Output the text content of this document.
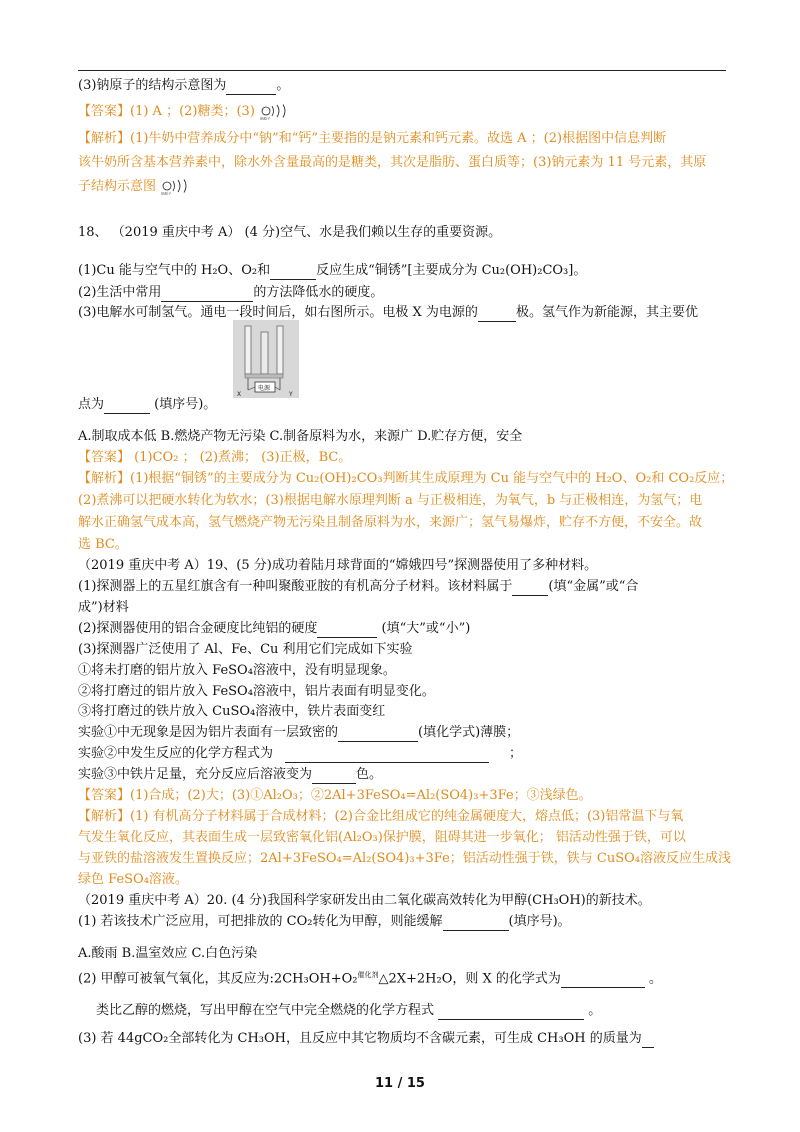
(3)钠原子的结构示意图为	。
【答案】(1) A ；(2)糖类；(3) 钠原子
【解析】(1)牛奶中营养成分中“钠”和“钙”主要指的是钠元素和钙元素。故选 A ；(2)根据图中信息判断
该牛奶所含基本营养素中，除水外含量最高的是糖类，其次是脂肪、蛋白质等；(3)钠元素为 11 号元素，其原
子结构示意图 钠原子
18、 （2019 重庆中考 A） (4 分)空气、水是我们赖以生存的重要资源。
(1)Cu 能与空气中的 H₂O、O₂和	反应生成“铜锈”[主要成分为 Cu₂(OH)₂CO₃]。
(2)生活中常用	的方法降低水的硬度。
(3)电解水可制氢气。通电一段时间后，如右图所示。电极 X 为电源的	极。氢气作为新能源，其主要优
电源
X	Y
点为	(填序号)。
A.制取成本低 B.燃烧产物无污染 C.制备原料为水，来源广 D.贮存方便，安全
【答案】 (1)CO₂ ； (2)煮沸； (3)正极，BC。
【解析】(1)根据“铜锈”的主要成分为 Cu₂(OH)₂CO₃判断其生成原理为 Cu 能与空气中的 H₂O、O₂和 CO₂反应；
(2)煮沸可以把硬水转化为软水；(3)根据电解水原理判断 a 与正极相连，为氧气，b 与正极相连，为氢气；电
解水正确氢气成本高，氢气燃烧产物无污染且制备原料为水，来源广；氢气易爆炸，贮存不方便，不安全。故
选 BC。
（2019 重庆中考 A）19、(5 分)成功着陆月球背面的“嫦娥四号”探测器使用了多种材料。
(1)探测器上的五星红旗含有一种叫聚酸亚胺的有机高分子材料。该材料属于	(填“金属”或“合
成”)材料
(2)探测器使用的铝合金硬度比纯铝的硬度	(填“大”或“小”)
(3)探测器广泛使用了 Al、Fe、Cu 利用它们完成如下实验
①将未打磨的铝片放入 FeSO₄溶液中，没有明显现象。
②将打磨过的铝片放入 FeSO₄溶液中，铝片表面有明显变化。
③将打磨过的铁片放入 CuSO₄溶液中，铁片表面变红
实验①中无现象是因为铝片表面有一层致密的	(填化学式)薄膜；
实验②中发生反应的化学方程式为	；
实验③中铁片足量，充分反应后溶液变为	色。
【答案】(1)合成；(2)大；(3)①Al₂O₃；②2Al+3FeSO₄=Al₂(SO4)₃+3Fe；③浅绿色。
【解析】(1) 有机高分子材料属于合成材料；(2)合金比组成它的纯金属硬度大，熔点低；(3)铝常温下与氧
气发生氧化反应，其表面生成一层致密氧化铝(Al₂O₃)保护膜，阻碍其进一步氧化； 铝活动性强于铁，可以
与亚铁的盐溶液发生置换反应；2Al+3FeSO₄=Al₂(SO4)₃+3Fe；铝活动性强于铁，铁与 CuSO₄溶液反应生成浅
绿色 FeSO₄溶液。
（2019 重庆中考 A）20. (4 分)我国科学家研发出由二氧化碳高效转化为甲醇(CH₃OH)的新技术。
(1) 若该技术广泛应用，可把排放的 CO₂转化为甲醇，则能缓解	(填序号)。
A.酸雨 B.温室效应 C.白色污染
(2) 甲醇可被氧气氧化，其反应为:2CH₃OH+O₂$^{催化剂}$△2X+2H₂O，则 X 的化学式为	。
类比乙醇的燃烧，写出甲醇在空气中完全燃烧的化学方程式	。
(3) 若 44gCO₂全部转化为 CH₃OH，且反应中其它物质均不含碳元素，可生成 CH₃OH 的质量为
11 / 15
